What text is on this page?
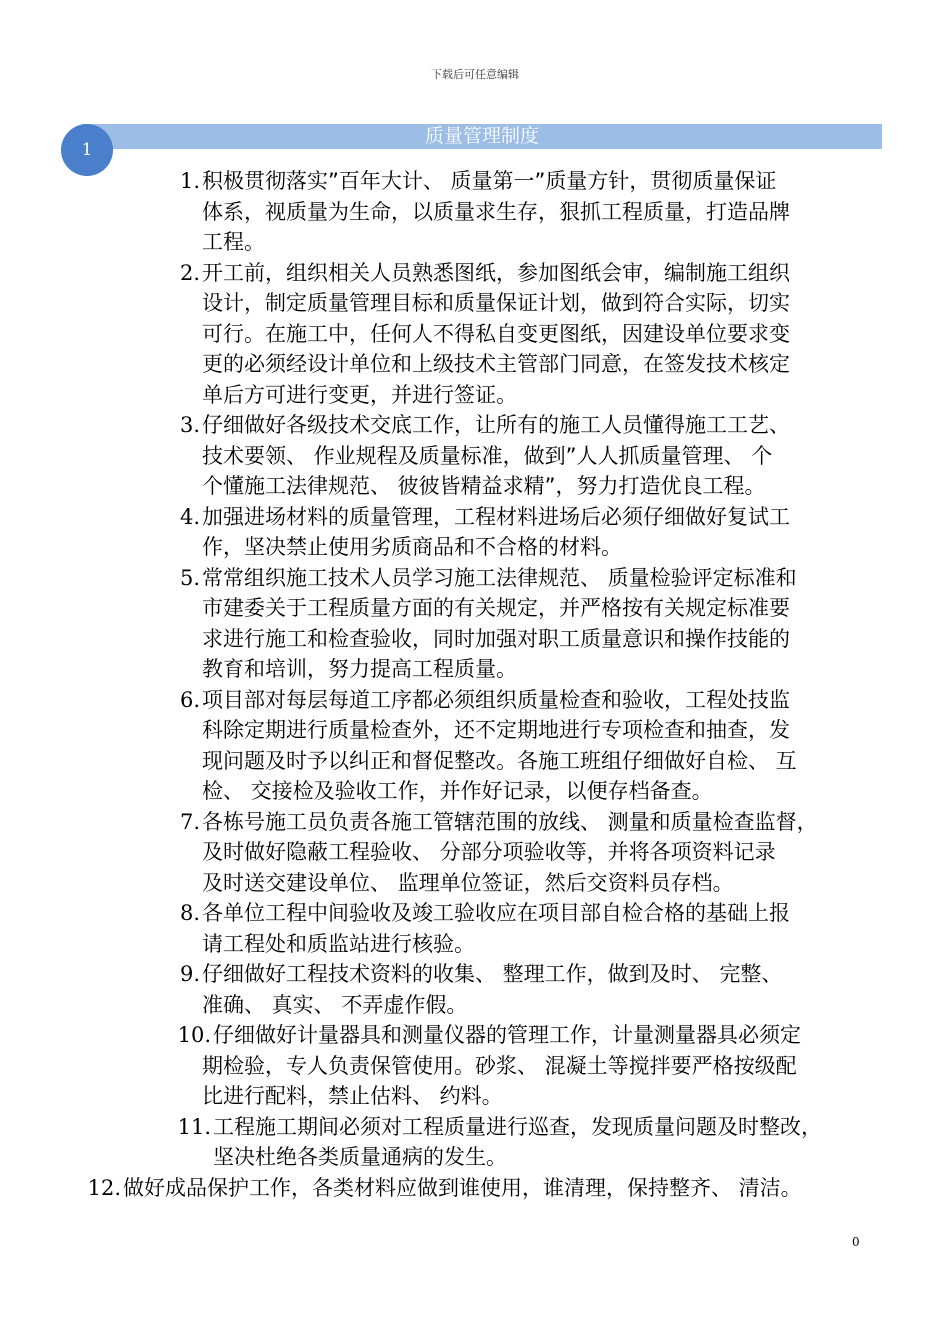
下载后可任意编辑
质量管理制度
1
1. 积极贯彻落实”百年大计、 质量第一”质量方针，贯彻质量保证
体系，视质量为生命，以质量求生存，狠抓工程质量，打造品牌
工程。
2. 开工前，组织相关人员熟悉图纸，参加图纸会审，编制施工组织
设计，制定质量管理目标和质量保证计划，做到符合实际，切实
可行。在施工中，任何人不得私自变更图纸，因建设单位要求变
更的必须经设计单位和上级技术主管部门同意，在签发技术核定
单后方可进行变更，并进行签证。
3. 仔细做好各级技术交底工作，让所有的施工人员懂得施工工艺、
技术要领、 作业规程及质量标准，做到”人人抓质量管理、 个
个懂施工法律规范、 彼彼皆精益求精”，努力打造优良工程。
4. 加强进场材料的质量管理，工程材料进场后必须仔细做好复试工
作，坚决禁止使用劣质商品和不合格的材料。
5. 常常组织施工技术人员学习施工法律规范、 质量检验评定标准和
市建委关于工程质量方面的有关规定，并严格按有关规定标准要
求进行施工和检查验收，同时加强对职工质量意识和操作技能的
教育和培训，努力提高工程质量。
6. 项目部对每层每道工序都必须组织质量检查和验收，工程处技监
科除定期进行质量检查外，还不定期地进行专项检查和抽查，发
现问题及时予以纠正和督促整改。各施工班组仔细做好自检、 互
检、 交接检及验收工作，并作好记录，以便存档备查。
7. 各栋号施工员负责各施工管辖范围的放线、 测量和质量检查监督，
及时做好隐蔽工程验收、 分部分项验收等，并将各项资料记录
及时送交建设单位、 监理单位签证，然后交资料员存档。
8. 各单位工程中间验收及竣工验收应在项目部自检合格的基础上报
请工程处和质监站进行核验。
9. 仔细做好工程技术资料的收集、 整理工作，做到及时、 完整、
准确、 真实、 不弄虚作假。
10. 仔细做好计量器具和测量仪器的管理工作，计量测量器具必须定
期检验，专人负责保管使用。砂浆、 混凝土等搅拌要严格按级配
比进行配料，禁止估料、 约料。
11. 工程施工期间必须对工程质量进行巡查，发现质量问题及时整改，
坚决杜绝各类质量通病的发生。
12. 做好成品保护工作，各类材料应做到谁使用，谁清理，保持整齐、 清洁。
0
